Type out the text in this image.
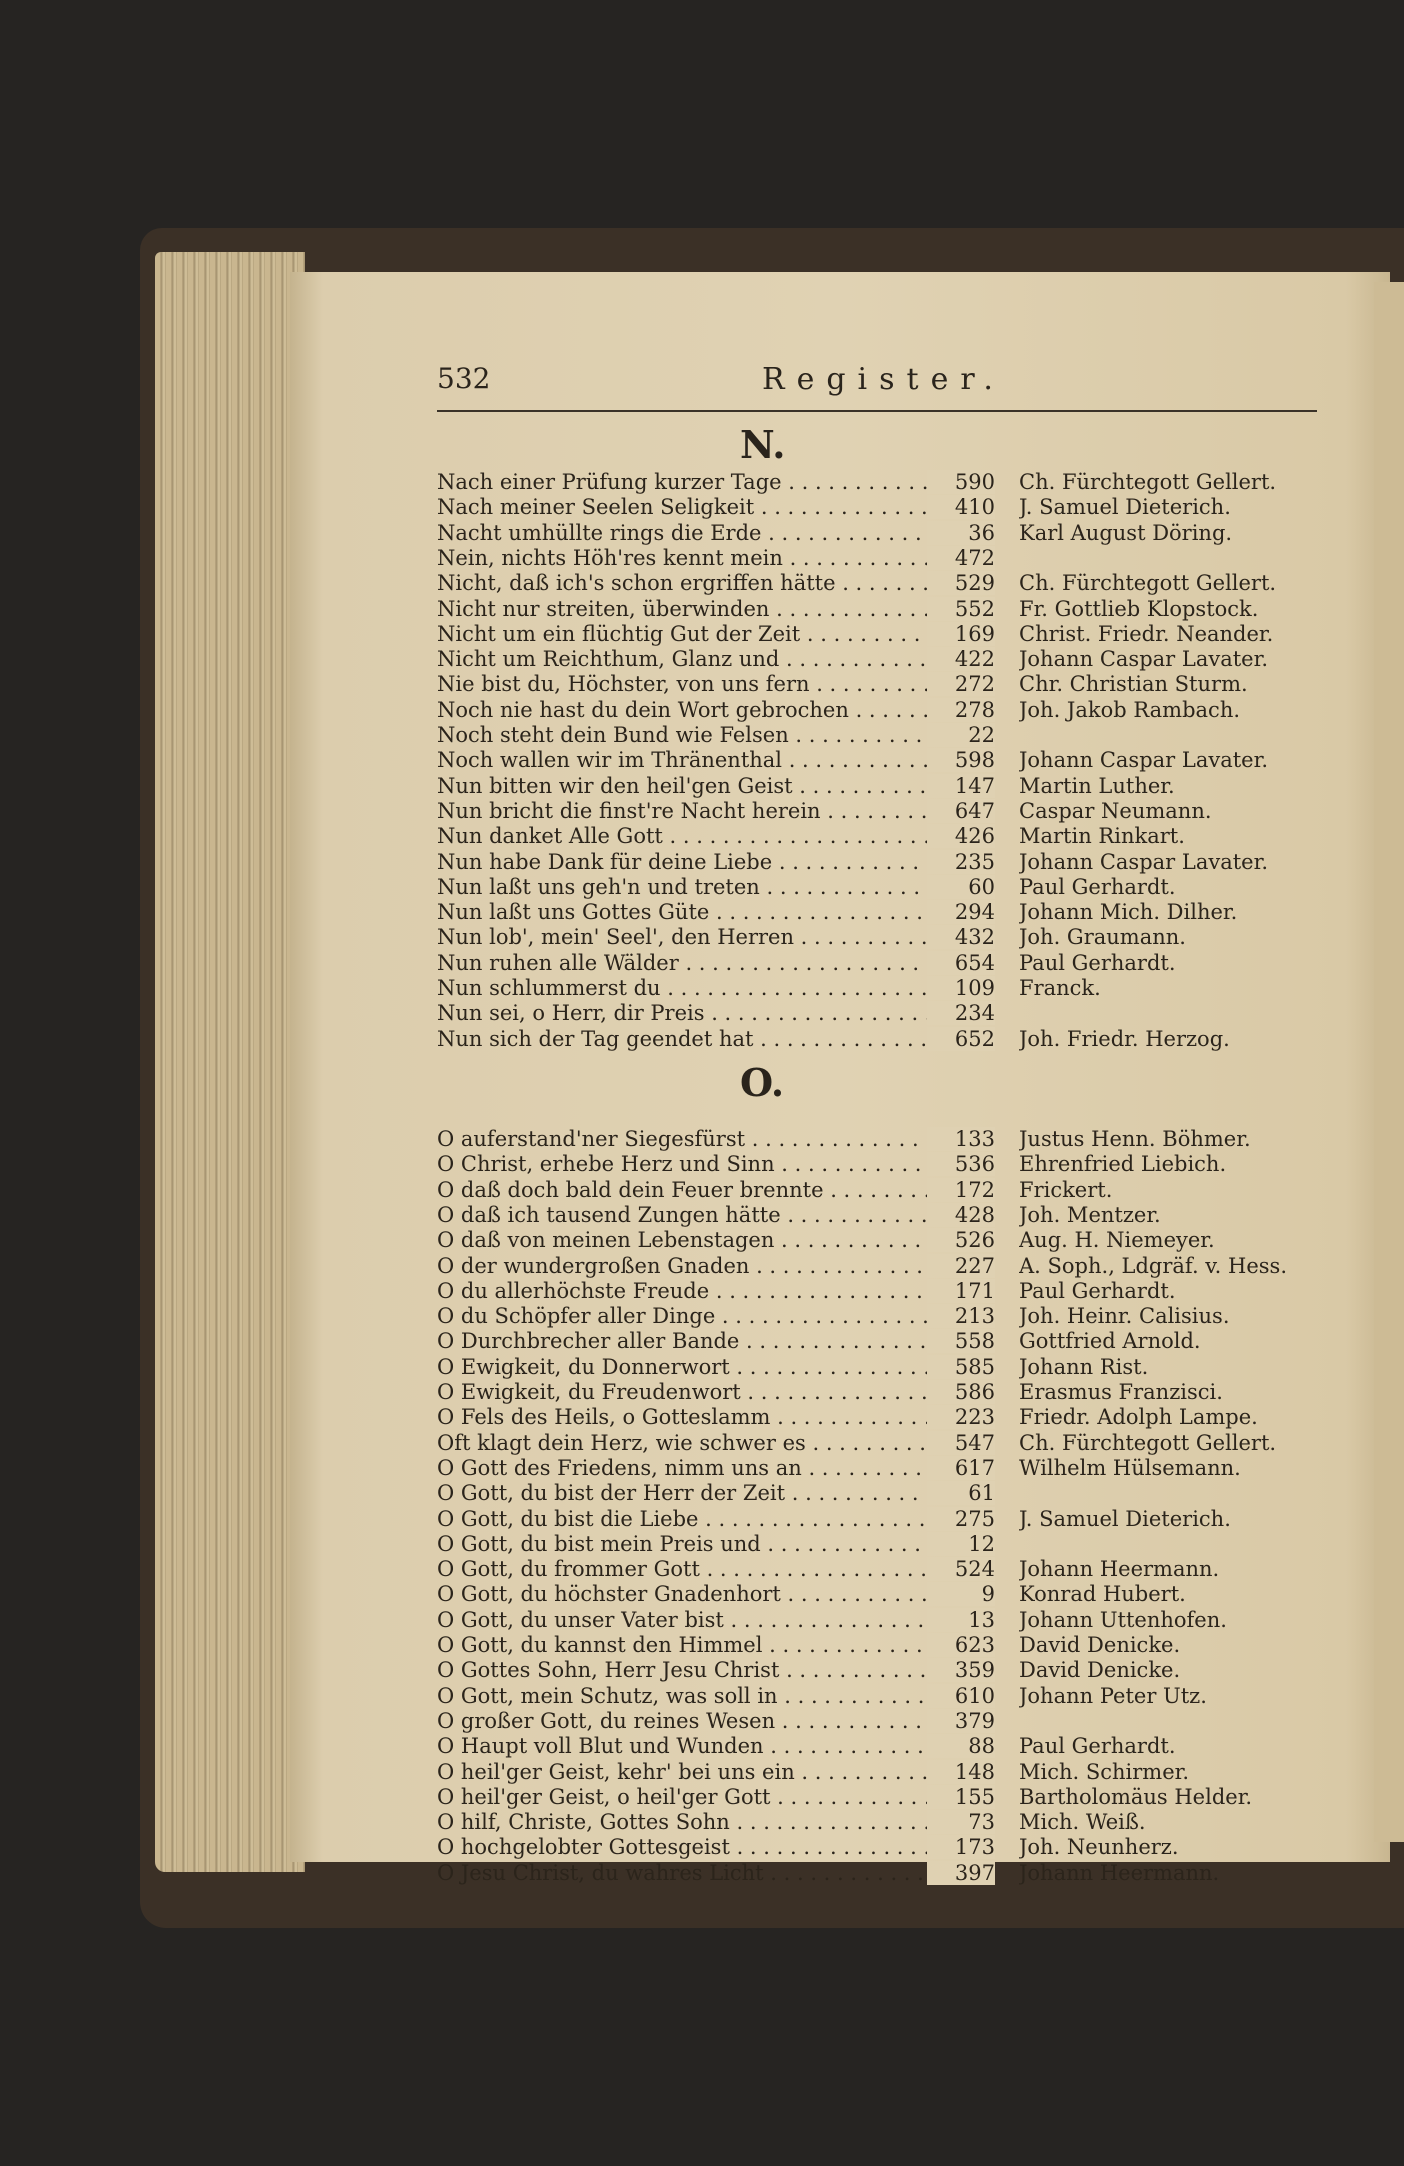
532	Register.
N.
Nach einer Prüfung kurzer Tage . . .	590 Ch. Fürchtegott Gellert.
Nach meiner Seelen Seligkeit . . .	410 J. Samuel Dieterich.
Nacht umhüllte rings die Erde . . .	36 Karl August Döring.
Nein, nichts Höh'res kennt mein . . .	472
Nicht, daß ich's schon ergriffen hätte . . .	529 Ch. Fürchtegott Gellert.
Nicht nur streiten, überwinden . . .	552 Fr. Gottlieb Klopstock.
Nicht um ein flüchtig Gut der Zeit . . .	169 Christ. Friedr. Neander.
Nicht um Reichthum, Glanz und . . .	422 Johann Caspar Lavater.
Nie bist du, Höchster, von uns fern . . .	272 Chr. Christian Sturm.
Noch nie hast du dein Wort gebrochen . . .	278 Joh. Jakob Rambach.
Noch steht dein Bund wie Felsen . . .	22
Noch wallen wir im Thränenthal . . .	598 Johann Caspar Lavater.
Nun bitten wir den heil'gen Geist . . .	147 Martin Luther.
Nun bricht die finst're Nacht herein . . .	647 Caspar Neumann.
Nun danket Alle Gott . . .	426 Martin Rinkart.
Nun habe Dank für deine Liebe . . .	235 Johann Caspar Lavater.
Nun laßt uns geh'n und treten . . .	60 Paul Gerhardt.
Nun laßt uns Gottes Güte . . .	294 Johann Mich. Dilher.
Nun lob', mein' Seel', den Herren . . .	432 Joh. Graumann.
Nun ruhen alle Wälder . . .	654 Paul Gerhardt.
Nun schlummerst du . . .	109 Franck.
Nun sei, o Herr, dir Preis . . .	234
Nun sich der Tag geendet hat . . .	652 Joh. Friedr. Herzog.
O.
O auferstand'ner Siegesfürst . . .	133 Justus Henn. Böhmer.
O Christ, erhebe Herz und Sinn . . .	536 Ehrenfried Liebich.
O daß doch bald dein Feuer brennte . . .	172 Frickert.
O daß ich tausend Zungen hätte . . .	428 Joh. Mentzer.
O daß von meinen Lebenstagen . . .	526 Aug. H. Niemeyer.
O der wundergroßen Gnaden . . .	227 A. Soph., Ldgräf. v. Hess.
O du allerhöchste Freude . . .	171 Paul Gerhardt.
O du Schöpfer aller Dinge . . .	213 Joh. Heinr. Calisius.
O Durchbrecher aller Bande . . .	558 Gottfried Arnold.
O Ewigkeit, du Donnerwort . . .	585 Johann Rist.
O Ewigkeit, du Freudenwort . . .	586 Erasmus Franzisci.
O Fels des Heils, o Gotteslamm . . .	223 Friedr. Adolph Lampe.
Oft klagt dein Herz, wie schwer es . . .	547 Ch. Fürchtegott Gellert.
O Gott des Friedens, nimm uns an . . .	617 Wilhelm Hülsemann.
O Gott, du bist der Herr der Zeit . . .	61
O Gott, du bist die Liebe . . .	275 J. Samuel Dieterich.
O Gott, du bist mein Preis und . . .	12
O Gott, du frommer Gott . . .	524 Johann Heermann.
O Gott, du höchster Gnadenhort . . .	9 Konrad Hubert.
O Gott, du unser Vater bist . . .	13 Johann Uttenhofen.
O Gott, du kannst den Himmel . . .	623 David Denicke.
O Gottes Sohn, Herr Jesu Christ . . .	359 David Denicke.
O Gott, mein Schutz, was soll in . . .	610 Johann Peter Utz.
O großer Gott, du reines Wesen . . .	379
O Haupt voll Blut und Wunden . . .	88 Paul Gerhardt.
O heil'ger Geist, kehr' bei uns ein . . .	148 Mich. Schirmer.
O heil'ger Geist, o heil'ger Gott . . .	155 Bartholomäus Helder.
O hilf, Christe, Gottes Sohn . . .	73 Mich. Weiß.
O hochgelobter Gottesgeist . . .	173 Joh. Neunherz.
O Jesu Christ, du wahres Licht . . .	397 Johann Heermann.
